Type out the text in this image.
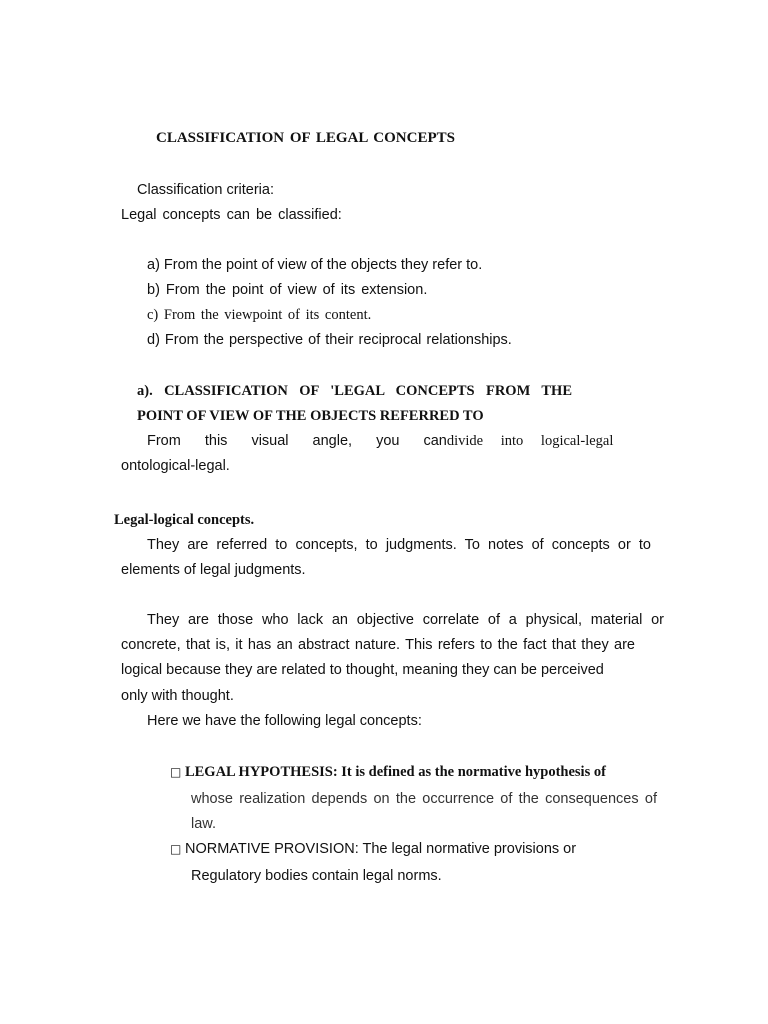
CLASSIFICATION OF LEGAL CONCEPTS
Classification criteria:
Legal concepts can be classified:
a) From the point of view of the objects they refer to.
b) From the point of view of its extension.
c) From the viewpoint of its content.
d) From the perspective of their reciprocal relationships.
a). CLASSIFICATION OF 'LEGAL CONCEPTS FROM THE
POINT OF VIEW OF THE OBJECTS REFERRED TO
From this visual angle, you can divide into logical-legal
ontological-legal.
Legal-logical concepts.
They are referred to concepts, to judgments. To notes of concepts or to
elements of legal judgments.
They are those who lack an objective correlate of a physical, material or
concrete, that is, it has an abstract nature. This refers to the fact that they are
logical because they are related to thought, meaning they can be perceived
only with thought.
Here we have the following legal concepts:
□ LEGAL HYPOTHESIS: It is defined as the normative hypothesis of
whose realization depends on the occurrence of the consequences of
law.
□ NORMATIVE PROVISION: The legal normative provisions or
Regulatory bodies contain legal norms.
